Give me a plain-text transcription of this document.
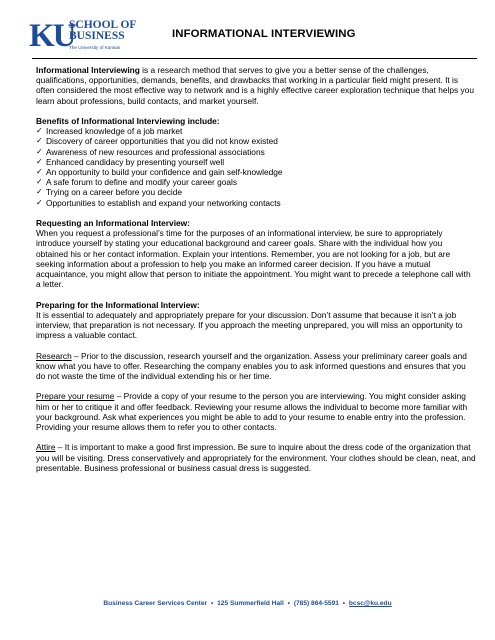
KU
SCHOOL OF BUSINESS
The University of Kansas
INFORMATIONAL INTERVIEWING

Informational Interviewing is a research method that serves to give you a better sense of the challenges, qualifications, opportunities, demands, benefits, and drawbacks that working in a particular field might present. It is often considered the most effective way to network and is a highly effective career exploration technique that helps you learn about professions, build contacts, and market yourself.

Benefits of Informational Interviewing include:

✓ Increased knowledge of a job market
✓ Discovery of career opportunities that you did not know existed
✓ Awareness of new resources and professional associations
✓ Enhanced candidacy by presenting yourself well
✓ An opportunity to build your confidence and gain self-knowledge
✓ A safe forum to define and modify your career goals
✓ Trying on a career before you decide
✓ Opportunities to establish and expand your networking contacts

Requesting an Informational Interview:

When you request a professional’s time for the purposes of an informational interview, be sure to appropriately introduce yourself by stating your educational background and career goals. Share with the individual how you obtained his or her contact information. Explain your intentions. Remember, you are not looking for a job, but are seeking information about a profession to help you make an informed career decision. If you have a mutual acquaintance, you might allow that person to initiate the appointment. You might want to precede a telephone call with a letter.

Preparing for the Informational Interview:

It is essential to adequately and appropriately prepare for your discussion. Don’t assume that because it isn’t a job interview, that preparation is not necessary. If you approach the meeting unprepared, you will miss an opportunity to impress a valuable contact.

Research – Prior to the discussion, research yourself and the organization. Assess your preliminary career goals and know what you have to offer. Researching the company enables you to ask informed questions and ensures that you do not waste the time of the individual extending his or her time.

Prepare your resume – Provide a copy of your resume to the person you are interviewing. You might consider asking him or her to critique it and offer feedback. Reviewing your resume allows the individual to become more familiar with your background. Ask what experiences you might be able to add to your resume to enable entry into the profession. Providing your resume allows them to refer you to other contacts.

Attire – It is important to make a good first impression. Be sure to inquire about the dress code of the organization that you will be visiting. Dress conservatively and appropriately for the environment. Your clothes should be clean, neat, and presentable. Business professional or business casual dress is suggested.

Business Career Services Center • 125 Summerfield Hall • (785) 864-5591 • bcsc@ku.edu
